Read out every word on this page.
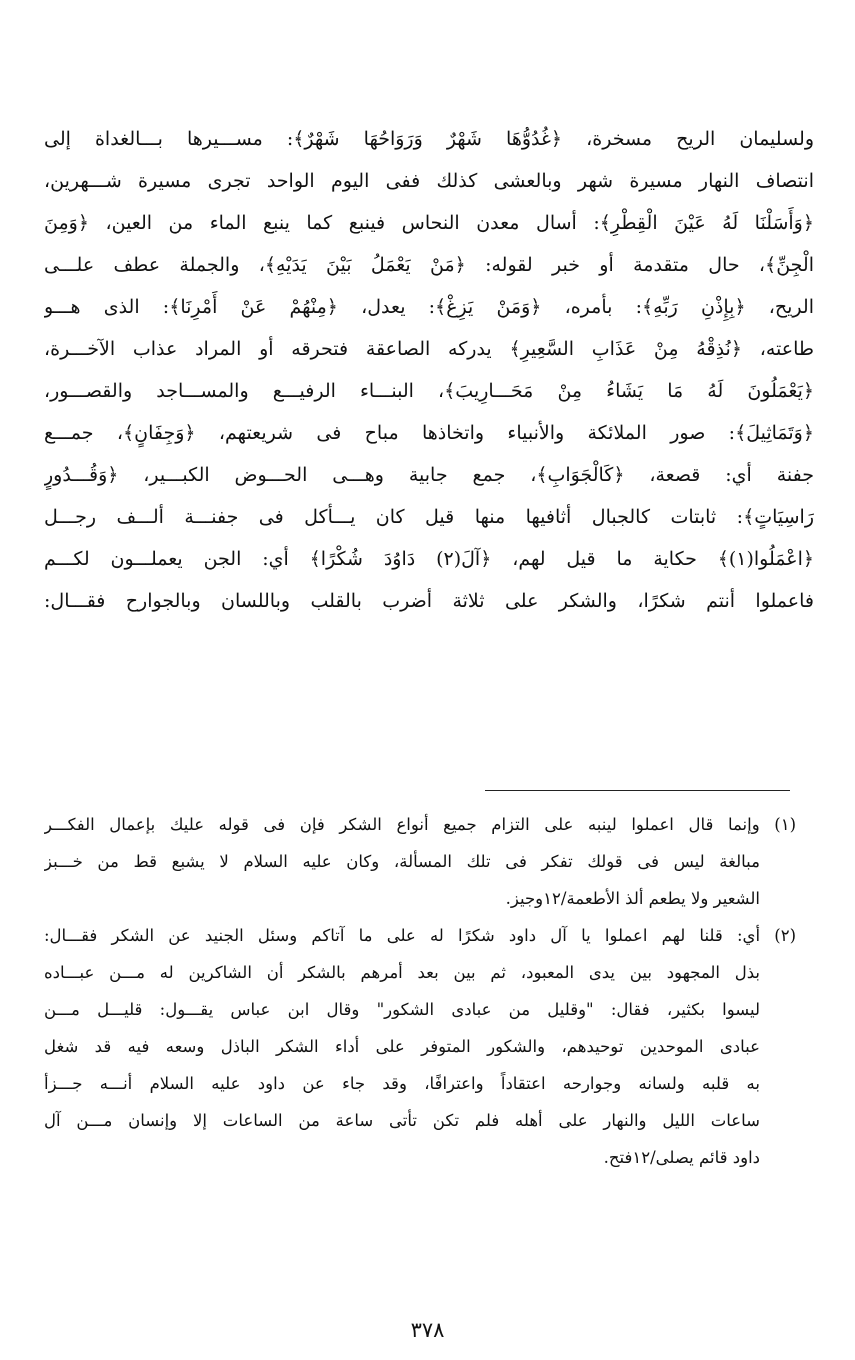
ولسليمان الريح مسخرة، ﴿غُدُوُّهَا شَهْرٌ وَرَوَاحُهَا شَهْرٌ﴾: مســـيرها بـــالغداة إلى
انتصاف النهار مسيرة شهر وبالعشى كذلك ففى اليوم الواحد تجرى مسيرة شـــهرين،
﴿وَأَسَلْنَا لَهُ عَيْنَ الْقِطْرِ﴾: أسال معدن النحاس فينبع كما ينبع الماء من العين، ﴿وَمِنَ
الْجِنِّ﴾، حال متقدمة أو خبر لقوله: ﴿مَنْ يَعْمَلُ بَيْنَ يَدَيْهِ﴾، والجملة عطف علـــى
الريح، ﴿بِإِذْنِ رَبِّهِ﴾: بأمره، ﴿وَمَنْ يَزِغْ﴾: يعدل، ﴿مِنْهُمْ عَنْ أَمْرِنَا﴾: الذى هـــو
طاعته، ﴿نُذِقْهُ مِنْ عَذَابِ السَّعِيرِ﴾ يدركه الصاعقة فتحرقه أو المراد عذاب الآخـــرة،
﴿يَعْمَلُونَ لَهُ مَا يَشَاءُ مِنْ مَحَـــارِيبَ﴾، البنـــاء الرفيـــع والمســـاجد والقصـــور،
﴿وَتَمَاثِيلَ﴾: صور الملائكة والأنبياء واتخاذها مباح فى شريعتهم، ﴿وَجِفَانٍ﴾، جمـــع
جفنة أي: قصعة، ﴿كَالْجَوَابِ﴾، جمع جابية وهـــى الحـــوض الكبـــير، ﴿وَقُـــدُورٍ
رَاسِيَاتٍ﴾: ثابتات كالجبال أثافيها منها قيل كان يـــأكل فى جفنـــة ألـــف رجـــل
﴿اعْمَلُوا(١)﴾ حكاية ما قيل لهم، ﴿آلَ(٢) دَاوُدَ شُكْرًا﴾ أي: الجن يعملـــون لكـــم
فاعملوا أنتم شكرًا، والشكر على ثلاثة أضرب بالقلب وباللسان وبالجوارح فقـــال:
(١) وإنما قال اعملوا لينبه على التزام جميع أنواع الشكر فإن فى قوله عليك بإعمال الفكـــر
مبالغة ليس فى قولك تفكر فى تلك المسألة، وكان عليه السلام لا يشبع قط من خـــبز
الشعير ولا يطعم ألذ الأطعمة/١٢وجيز.
(٢) أي: قلنا لهم اعملوا يا آل داود شكرًا له على ما آتاكم وسئل الجنيد عن الشكر فقـــال:
بذل المجهود بين يدى المعبود، ثم بين بعد أمرهم بالشكر أن الشاكرين له مـــن عبـــاده
ليسوا بكثير، فقال: "وقليل من عبادى الشكور" وقال ابن عباس يقـــول: قليـــل مـــن
عبادى الموحدين توحيدهم، والشكور المتوفر على أداء الشكر الباذل وسعه فيه قد شغل
به قلبه ولسانه وجوارحه اعتقاداً واعترافًا، وقد جاء عن داود عليه السلام أنـــه جـــزأ
ساعات الليل والنهار على أهله فلم تكن تأتى ساعة من الساعات إلا وإنسان مـــن آل
داود قائم يصلى/١٢فتح.
٣٧٨
